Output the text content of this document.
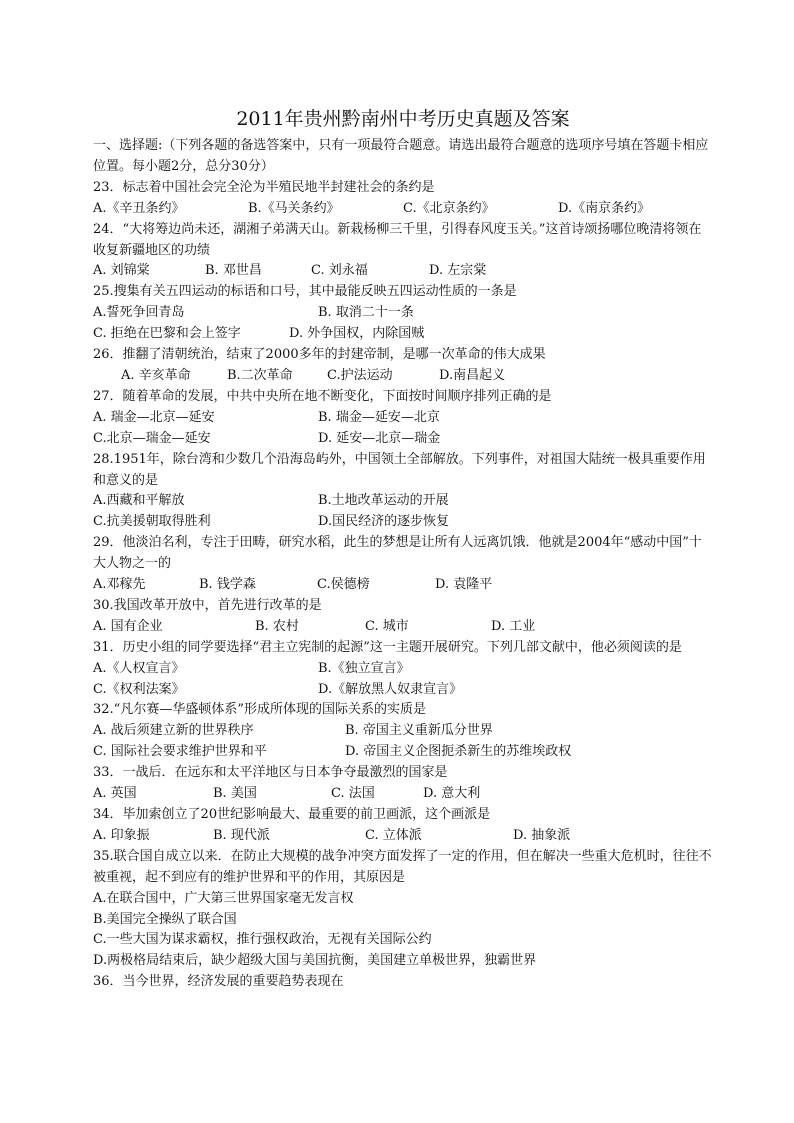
2011年贵州黔南州中考历史真题及答案
一、选择题:（下列各题的备选答案中，只有一项最符合题意。请选出最符合题意的选项序号填在答题卡相应位置。每小题2分，总分30分）
23．标志着中国社会完全沦为半殖民地半封建社会的条约是
A.《辛丑条约》	B.《马关条约》	C.《北京条约》	D.《南京条约》
24．“大将筹边尚未还，湖湘子弟满天山。新栽杨柳三千里，引得春风度玉关。”这首诗颂扬哪位晚清将领在收复新疆地区的功绩
A. 刘锦棠	B. 邓世昌	C. 刘永福	D. 左宗棠
25.搜集有关五四运动的标语和口号，其中最能反映五四运动性质的一条是
A.誓死争回青岛	B. 取消二十一条
C. 拒绝在巴黎和会上签字	D. 外争国权，内除国贼
26．推翻了清朝统治，结束了2000多年的封建帝制，是哪一次革命的伟大成果
A. 辛亥革命	B.二次革命	C.护法运动	D.南昌起义
27．随着革命的发展，中共中央所在地不断变化，下面按时间顺序排列正确的是
A. 瑞金—北京—延安	B. 瑞金—延安—北京
C.北京—瑞金—延安	D. 延安—北京—瑞金
28.1951年，除台湾和少数几个沿海岛屿外，中国领土全部解放。下列事件，对祖国大陆统一极具重要作用和意义的是
A.西藏和平解放	B.土地改革运动的开展
C.抗美援朝取得胜利	D.国民经济的逐步恢复
29．他淡泊名利，专注于田畴，研究水稻，此生的梦想是让所有人远离饥饿．他就是2004年“感动中国”十大人物之一的
A.邓稼先	B. 钱学森	C.侯德榜	D. 袁隆平
30.我国改革开放中，首先进行改革的是
A. 国有企业	B. 农村	C. 城市	D. 工业
31．历史小组的同学要选择“君主立宪制的起源”这一主题开展研究。下列几部文献中，他必须阅读的是
A.《人权宣言》	B.《独立宣言》
C.《权利法案》	D.《解放黑人奴隶宣言》
32.“凡尔赛—华盛顿体系”形成所体现的国际关系的实质是
A. 战后须建立新的世界秩序	B. 帝国主义重新瓜分世界
C. 国际社会要求维护世界和平	D. 帝国主义企图扼杀新生的苏维埃政权
33．一战后．在远东和太平洋地区与日本争夺最激烈的国家是
A. 英国	B. 美国	C. 法国	D. 意大利
34．毕加索创立了20世纪影响最大、最重要的前卫画派，这个画派是
A. 印象振	B. 现代派	C. 立体派	D. 抽象派
35.联合国自成立以来．在防止大规模的战争冲突方面发挥了一定的作用，但在解决一些重大危机时，往往不被重视，起不到应有的维护世界和平的作用，其原因是
A.在联合国中，广大第三世界国家毫无发言权
B.美国完全操纵了联合国
C.一些大国为谋求霸权，推行强权政治，无视有关国际公约
D.两极格局结束后，缺少超级大国与美国抗衡，美国建立单极世界，独霸世界
36．当今世界，经济发展的重要趋势表现在
